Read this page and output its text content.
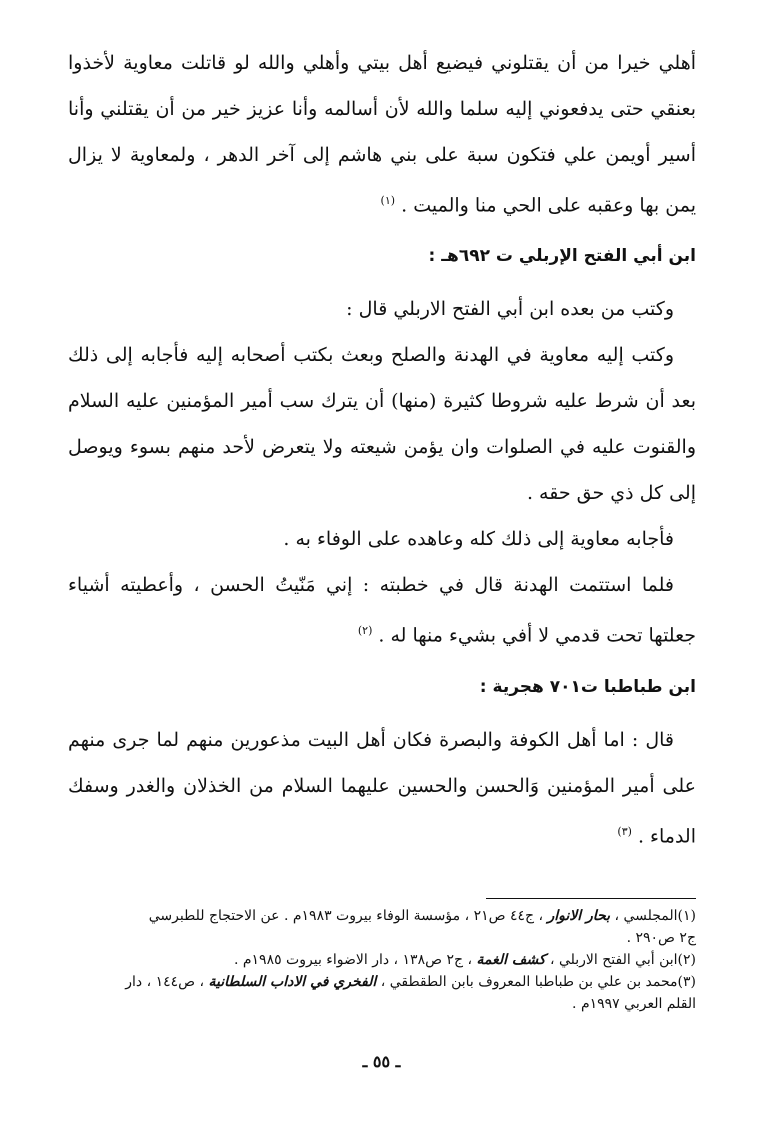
أهلي خيرا من أن يقتلوني فيضيع أهل بيتي وأهلي والله لو قاتلت معاوية لأخذوا بعنقي حتى يدفعوني إليه سلما والله لأن أسالمه وأنا عزيز خير من أن يقتلني وأنا أسير أويمن علي فتكون سبة على بني هاشم إلى آخر الدهر ، ولمعاوية لا يزال يمن بها وعقبه على الحي منا والميت . $^{(١)}$

ابن أبي الفتح الإربلي ت ٦٩٢هـ :

وكتب من بعده ابن أبي الفتح الاربلي قال :

وكتب إليه معاوية في الهدنة والصلح وبعث بكتب أصحابه إليه فأجابه إلى ذلك بعد أن شرط عليه شروطا كثيرة (منها) أن يترك سب أمير المؤمنين عليه السلام والقنوت عليه في الصلوات وان يؤمن شيعته ولا يتعرض لأحد منهم بسوء ويوصل إلى كل ذي حق حقه .

فأجابه معاوية إلى ذلك كله وعاهده على الوفاء به .

فلما استتمت الهدنة قال في خطبته : إني مَنّيتُ الحسن ، وأعطيته أشياء جعلتها تحت قدمي لا أفي بشيء منها له . $^{(٢)}$

ابن طباطبا ت٧٠١ هجرية :

قال : اما أهل الكوفة والبصرة فكان أهل البيت مذعورين منهم لما جرى منهم على أمير المؤمنين وَالحسن والحسين عليهما السلام من الخذلان والغدر وسفك الدماء . $^{(٣)}$

(١)المجلسي ، بحار الانوار ، ج٤٤ ص٢١ ، مؤسسة الوفاء بيروت ١٩٨٣م . عن الاحتجاج للطبرسي

ج٢ ص٢٩٠ .

(٢)ابن أبي الفتح الاربلي ، كشف الغمة ، ج٢ ص١٣٨ ، دار الاضواء بيروت ١٩٨٥م .

(٣)محمد بن علي بن طباطبا المعروف بابن الطقطقي ، الفخري في الاداب السلطانية ، ص١٤٤ ، دار

القلم العربي ١٩٩٧م .

ـ ٥٥ ـ
